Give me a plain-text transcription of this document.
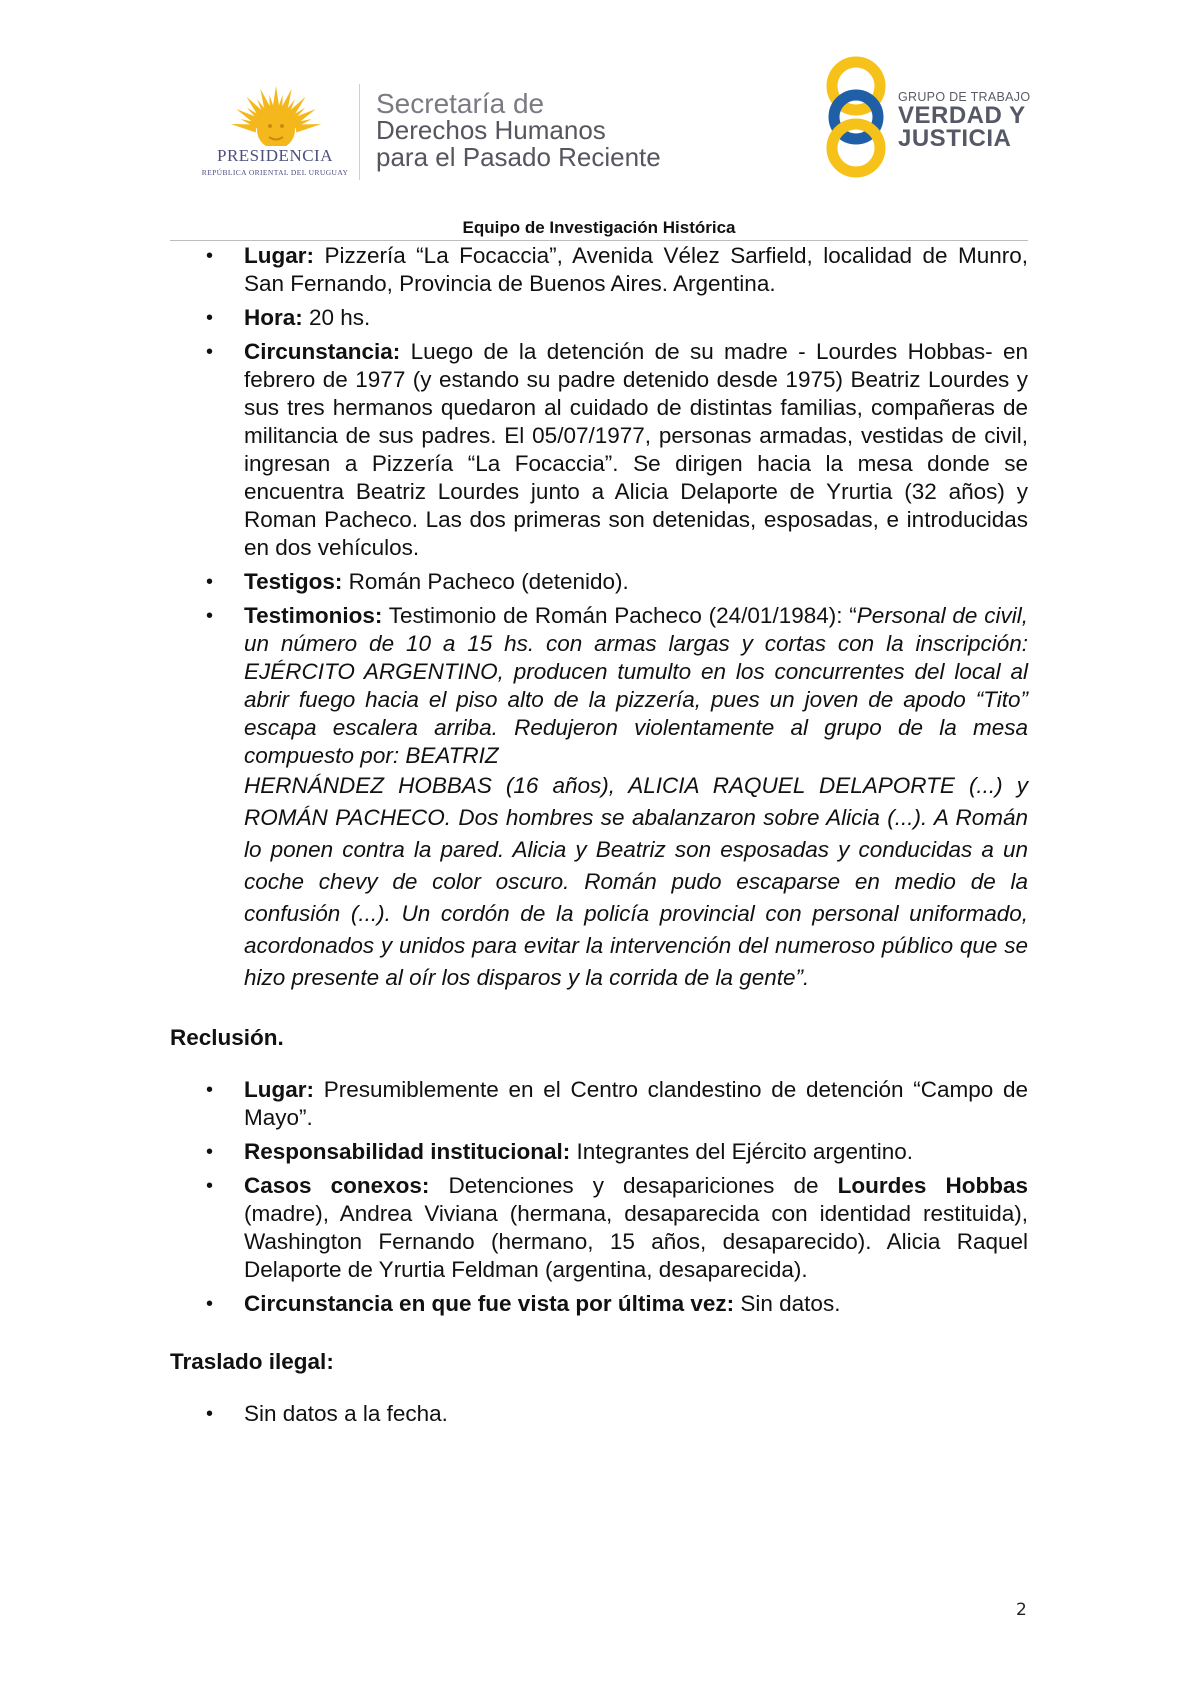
PRESIDENCIA
REPÚBLICA ORIENTAL DEL URUGUAY
Secretaría de
Derechos Humanos
para el Pasado Reciente
GRUPO DE TRABAJO
VERDAD Y
JUSTICIA
Equipo de Investigación Histórica
•	Lugar: Pizzería “La Focaccia”, Avenida Vélez Sarfield, localidad de Munro, San Fernando, Provincia de Buenos Aires. Argentina.
•	Hora: 20 hs.
•	Circunstancia: Luego de la detención de su madre - Lourdes Hobbas- en febrero de 1977 (y estando su padre detenido desde 1975) Beatriz Lourdes y sus tres hermanos quedaron al cuidado de distintas familias, compañeras de militancia de sus padres. El 05/07/1977, personas armadas, vestidas de civil, ingresan a Pizzería “La Focaccia”. Se dirigen hacia la mesa donde se encuentra Beatriz Lourdes junto a Alicia Delaporte de Yrurtia (32 años) y Roman Pacheco. Las dos primeras son detenidas, esposadas, e introducidas en dos vehículos.
•	Testigos: Román Pacheco (detenido).
•	Testimonios: Testimonio de Román Pacheco (24/01/1984): “Personal de civil, un número de 10 a 15 hs. con armas largas y cortas con la inscripción: EJÉRCITO ARGENTINO, producen tumulto en los concurrentes del local al abrir fuego hacia el piso alto de la pizzería, pues un joven de apodo “Tito” escapa escalera arriba. Redujeron violentamente al grupo de la mesa compuesto por: BEATRIZ
HERNÁNDEZ HOBBAS (16 años), ALICIA RAQUEL DELAPORTE (...) y ROMÁN PACHECO. Dos hombres se abalanzaron sobre Alicia (...). A Román lo ponen contra la pared. Alicia y Beatriz son esposadas y conducidas a un coche chevy de color oscuro. Román pudo escaparse en medio de la confusión (...). Un cordón de la policía provincial con personal uniformado, acordonados y unidos para evitar la intervención del numeroso público que se hizo presente al oír los disparos y la corrida de la gente”.
Reclusión.
•	Lugar: Presumiblemente en el Centro clandestino de detención “Campo de Mayo”.
•	Responsabilidad institucional: Integrantes del Ejército argentino.
•	Casos conexos: Detenciones y desapariciones de Lourdes Hobbas (madre), Andrea Viviana (hermana, desaparecida con identidad restituida), Washington Fernando (hermano, 15 años, desaparecido). Alicia Raquel Delaporte de Yrurtia Feldman (argentina, desaparecida).
•	Circunstancia en que fue vista por última vez: Sin datos.
Traslado ilegal:
•	Sin datos a la fecha.
2
